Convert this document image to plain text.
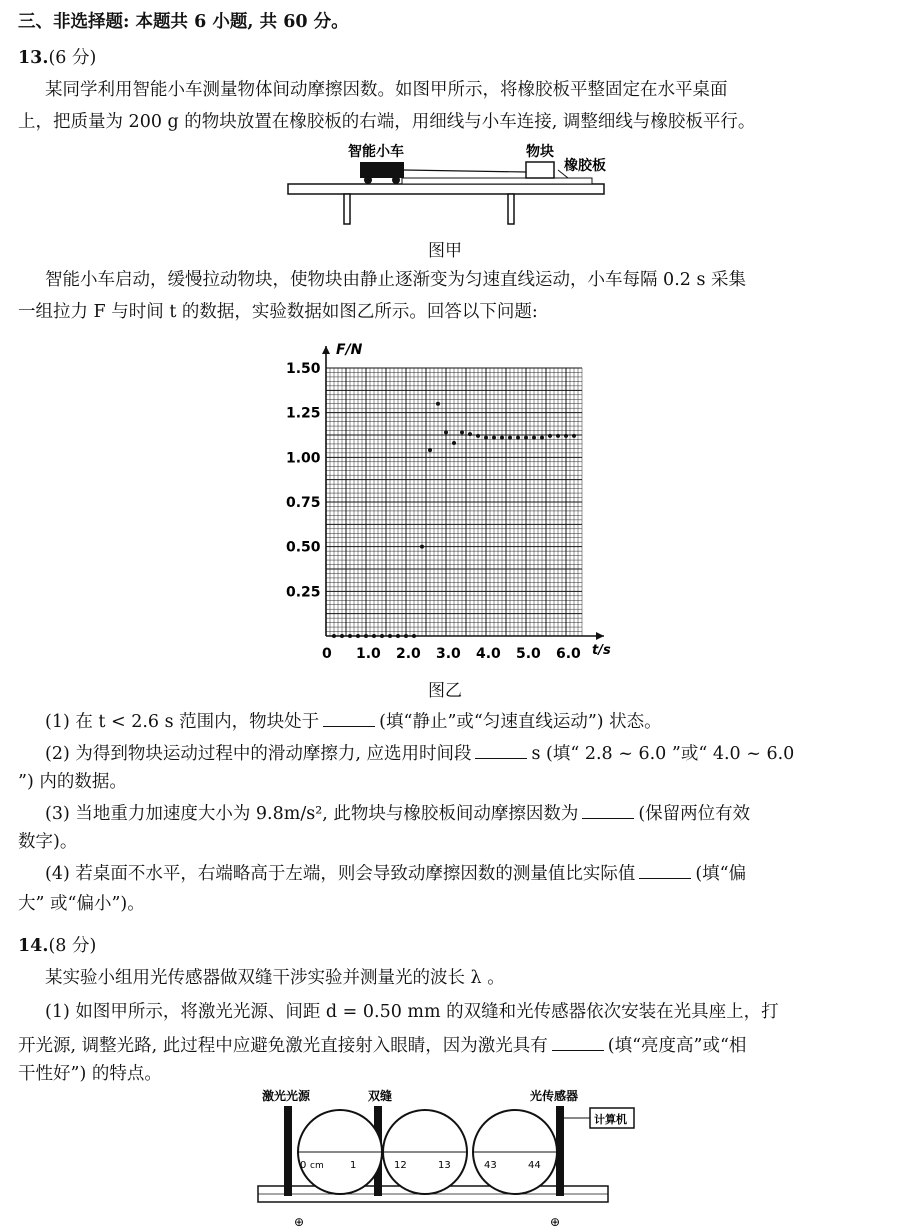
三、非选择题: 本题共 6 小题, 共 60 分。
13.(6 分)
某同学利用智能小车测量物体间动摩擦因数。如图甲所示，将橡胶板平整固定在水平桌面
上，把质量为 200 g 的物块放置在橡胶板的右端，用细线与小车连接, 调整细线与橡胶板平行。
智能小车	物块
橡胶板
图甲
智能小车启动，缓慢拉动物块，使物块由静止逐渐变为匀速直线运动，小车每隔 0.2 s 采集
一组拉力 F 与时间 t 的数据，实验数据如图乙所示。回答以下问题:
0 1.0 2.0 3.0 4.0 5.0 6.0
0.25
0.50
0.75
1.00
1.25
1.50
F/N
t/s
图乙
(1) 在 t < 2.6 s 范围内，物块处于	(填“静止”或“匀速直线运动”) 状态。
(2) 为得到物块运动过程中的滑动摩擦力, 应选用时间段	s (填“ 2.8 ~ 6.0 ”或“ 4.0 ~ 6.0
”) 内的数据。
(3) 当地重力加速度大小为 9.8m/s², 此物块与橡胶板间动摩擦因数为	(保留两位有效
数字)。
(4) 若桌面不水平，右端略高于左端，则会导致动摩擦因数的测量值比实际值	(填“偏
大” 或“偏小”)。
14.(8 分)
某实验小组用光传感器做双缝干涉实验并测量光的波长 λ 。
(1) 如图甲所示，将激光光源、间距 d = 0.50 mm 的双缝和光传感器依次安装在光具座上，打
开光源, 调整光路, 此过程中应避免激光直接射入眼睛，因为激光具有	(填“亮度高”或“相
干性好”) 的特点。
0 cm	1	12	13	43	44
激光光源	双缝	光传感器
计算机
⊕	⊕
